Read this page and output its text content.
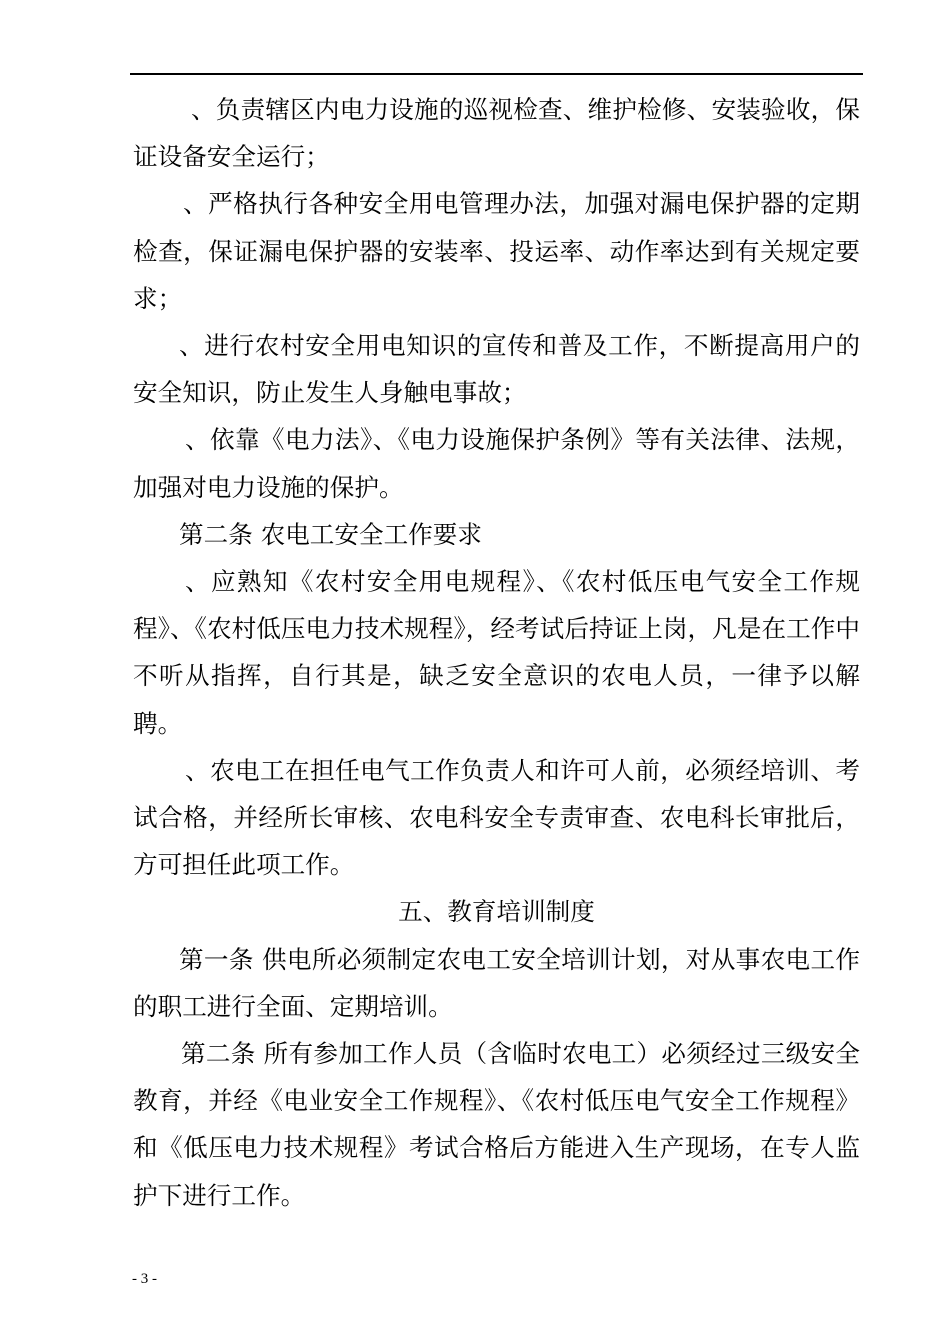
、负责辖区内电力设施的巡视检查、维护检修、安装验收，保证设备安全运行；

、严格执行各种安全用电管理办法，加强对漏电保护器的定期检查，保证漏电保护器的安装率、投运率、动作率达到有关规定要求；

、进行农村安全用电知识的宣传和普及工作，不断提高用户的安全知识，防止发生人身触电事故；

、依靠《电力法》、《电力设施保护条例》等有关法律、法规，加强对电力设施的保护。

第二条 农电工安全工作要求

、应熟知《农村安全用电规程》、《农村低压电气安全工作规程》、《农村低压电力技术规程》，经考试后持证上岗，凡是在工作中不听从指挥，自行其是，缺乏安全意识的农电人员，一律予以解聘。

、农电工在担任电气工作负责人和许可人前，必须经培训、考试合格，并经所长审核、农电科安全专责审查、农电科长审批后，方可担任此项工作。

五、教育培训制度

第一条 供电所必须制定农电工安全培训计划，对从事农电工作的职工进行全面、定期培训。

第二条 所有参加工作人员（含临时农电工）必须经过三级安全教育，并经《电业安全工作规程》、《农村低压电气安全工作规程》和《低压电力技术规程》考试合格后方能进入生产现场，在专人监护下进行工作。

- 3 -
